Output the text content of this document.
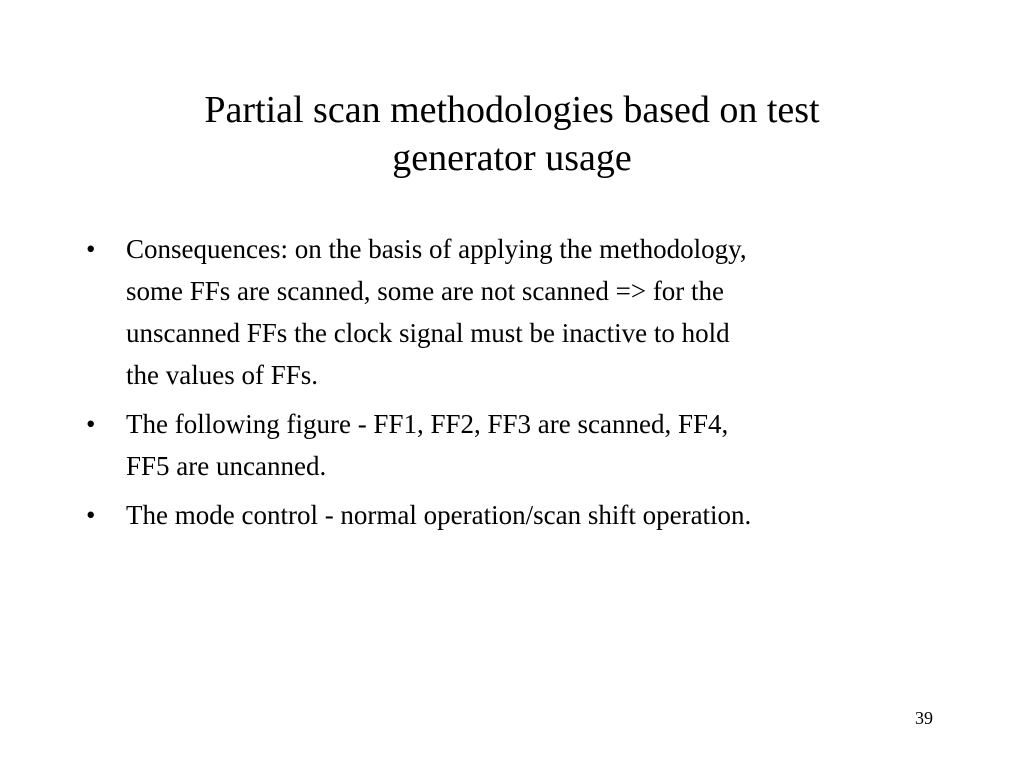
Partial scan methodologies based on test
generator usage
•	Consequences: on the basis of applying the methodology,
some FFs are scanned, some are not scanned => for the
unscanned FFs the clock signal must be inactive to hold
the values of FFs.
•	The following figure - FF1, FF2, FF3 are scanned, FF4,
FF5 are uncanned.
•	The mode control - normal operation/scan shift operation.
39
